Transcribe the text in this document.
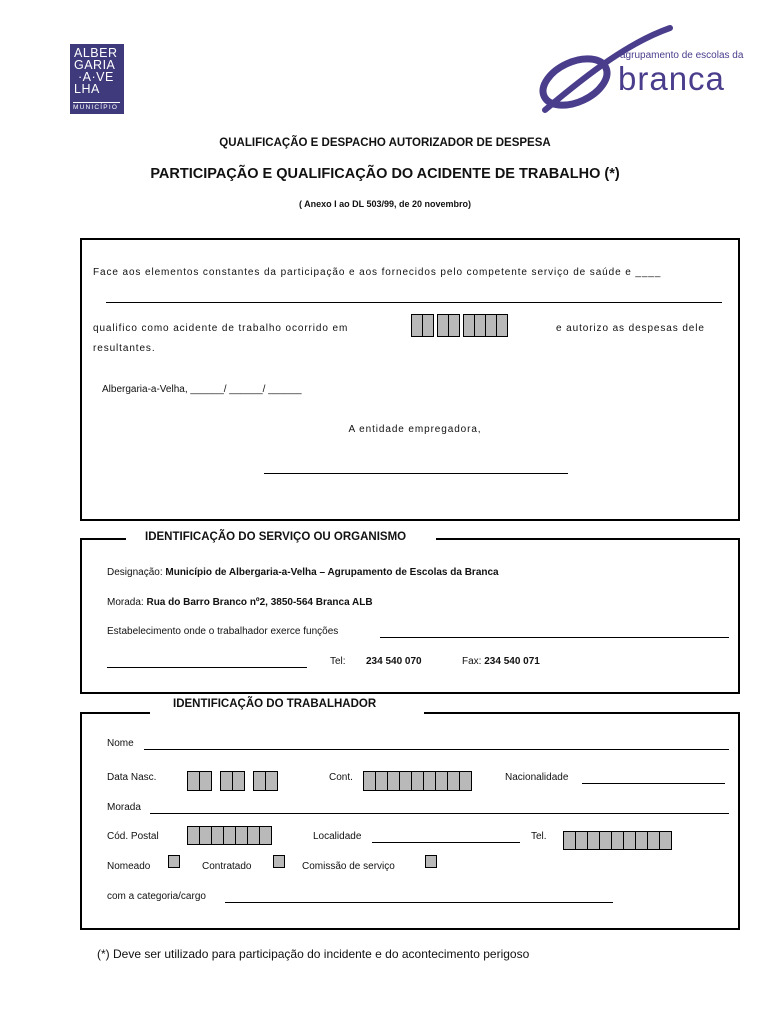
ALBER
GARIA
·A·VE
LHA
MUNICÍPIO
agrupamento de escolas da
branca
QUALIFICAÇÃO E DESPACHO AUTORIZADOR DE DESPESA
PARTICIPAÇÃO E QUALIFICAÇÃO DO ACIDENTE DE TRABALHO (*)
( Anexo I ao DL 503/99, de 20 novembro)
Face aos elementos constantes da participação e aos fornecidos pelo competente serviço de saúde e ____
qualifico como acidente de trabalho ocorrido em	e autorizo as despesas dele
resultantes.
Albergaria-a-Velha, ______/ ______/ ______
A entidade empregadora,
IDENTIFICAÇÃO DO SERVIÇO OU ORGANISMO
Designação: Município de Albergaria-a-Velha – Agrupamento de Escolas da Branca
Morada: Rua do Barro Branco nº2, 3850-564 Branca ALB
Estabelecimento onde o trabalhador exerce funções
Tel: 234 540 070	Fax: 234 540 071
IDENTIFICAÇÃO DO TRABALHADOR
Nome
Data Nasc.	Cont.	Nacionalidade
Morada
Cód. Postal	Localidade	Tel.
Nomeado	Contratado	Comissão de serviço
com a categoria/cargo
(*) Deve ser utilizado para participação do incidente e do acontecimento perigoso
